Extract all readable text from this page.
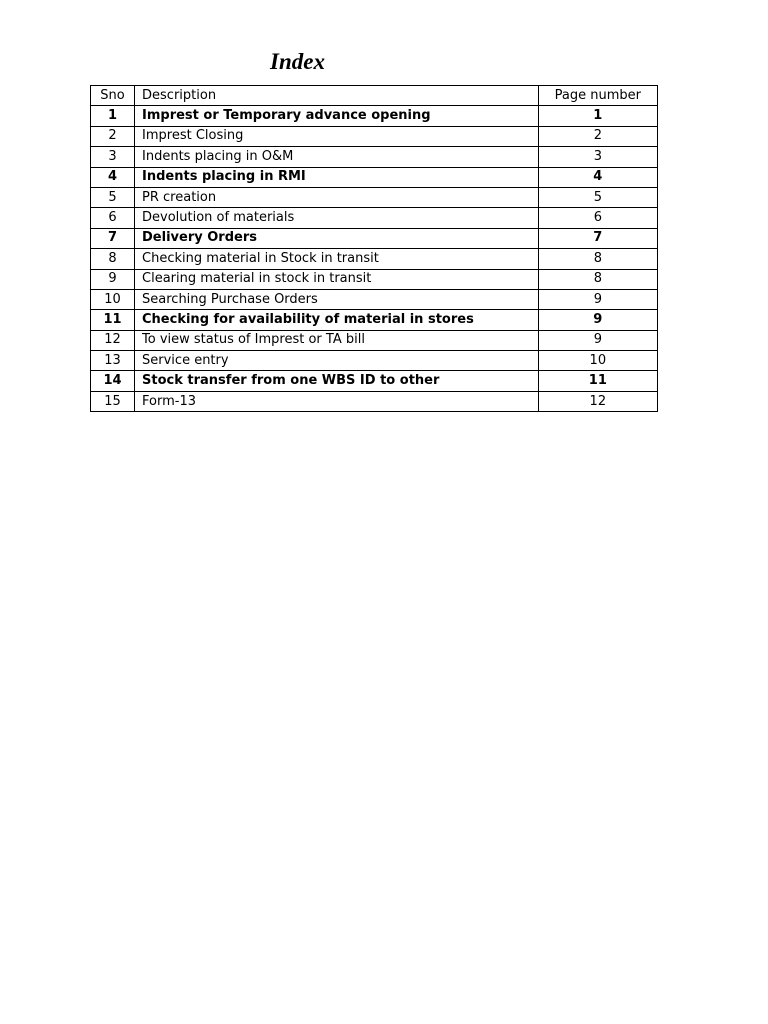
Index
Sno	Description	Page number
1	Imprest or Temporary advance opening	1
2	Imprest Closing	2
3	Indents placing in O&M	3
4	Indents placing in RMI	4
5	PR creation	5
6	Devolution of materials	6
7	Delivery Orders	7
8	Checking material in Stock in transit	8
9	Clearing material in stock in transit	8
10	Searching Purchase Orders	9
11	Checking for availability of material in stores	9
12	To view status of Imprest or TA bill	9
13	Service entry	10
14	Stock transfer from one WBS ID to other	11
15	Form-13	12
